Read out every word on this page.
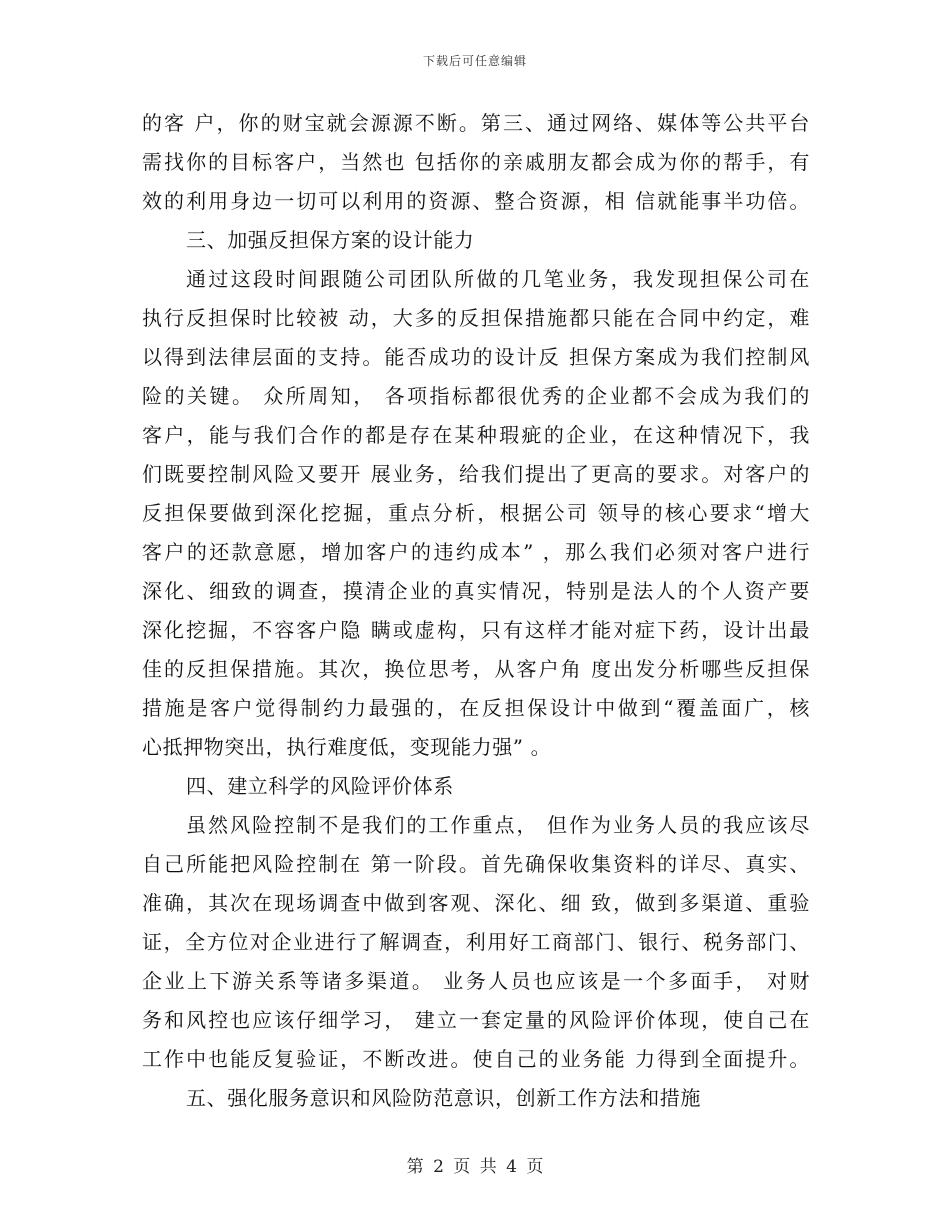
下载后可任意编辑
的客 户，你的财宝就会源源不断。第三、通过网络、媒体等公共平台
需找你的目标客户，当然也 包括你的亲戚朋友都会成为你的帮手，有
效的利用身边一切可以利用的资源、整合资源，相 信就能事半功倍。
三、加强反担保方案的设计能力
通过这段时间跟随公司团队所做的几笔业务，我发现担保公司在
执行反担保时比较被 动，大多的反担保措施都只能在合同中约定，难
以得到法律层面的支持。能否成功的设计反 担保方案成为我们控制风
险的关键。 众所周知， 各项指标都很优秀的企业都不会成为我们的
客户，能与我们合作的都是存在某种瑕疵的企业，在这种情况下，我
们既要控制风险又要开 展业务，给我们提出了更高的要求。对客户的
反担保要做到深化挖掘，重点分析，根据公司 领导的核心要求“增大
客户的还款意愿，增加客户的违约成本” ，那么我们必须对客户进行
深化、细致的调查，摸清企业的真实情况，特别是法人的个人资产要
深化挖掘，不容客户隐 瞒或虚构，只有这样才能对症下药，设计出最
佳的反担保措施。其次，换位思考，从客户角 度出发分析哪些反担保
措施是客户觉得制约力最强的，在反担保设计中做到“覆盖面广，核
心抵押物突出，执行难度低，变现能力强” 。
四、建立科学的风险评价体系
虽然风险控制不是我们的工作重点， 但作为业务人员的我应该尽
自己所能把风险控制在 第一阶段。首先确保收集资料的详尽、真实、
准确，其次在现场调查中做到客观、深化、细 致，做到多渠道、重验
证，全方位对企业进行了解调查，利用好工商部门、银行、税务部门、
企业上下游关系等诸多渠道。 业务人员也应该是一个多面手， 对财
务和风控也应该仔细学习， 建立一套定量的风险评价体现，使自己在
工作中也能反复验证，不断改进。使自己的业务能 力得到全面提升。
五、强化服务意识和风险防范意识，创新工作方法和措施
第 2 页 共 4 页
